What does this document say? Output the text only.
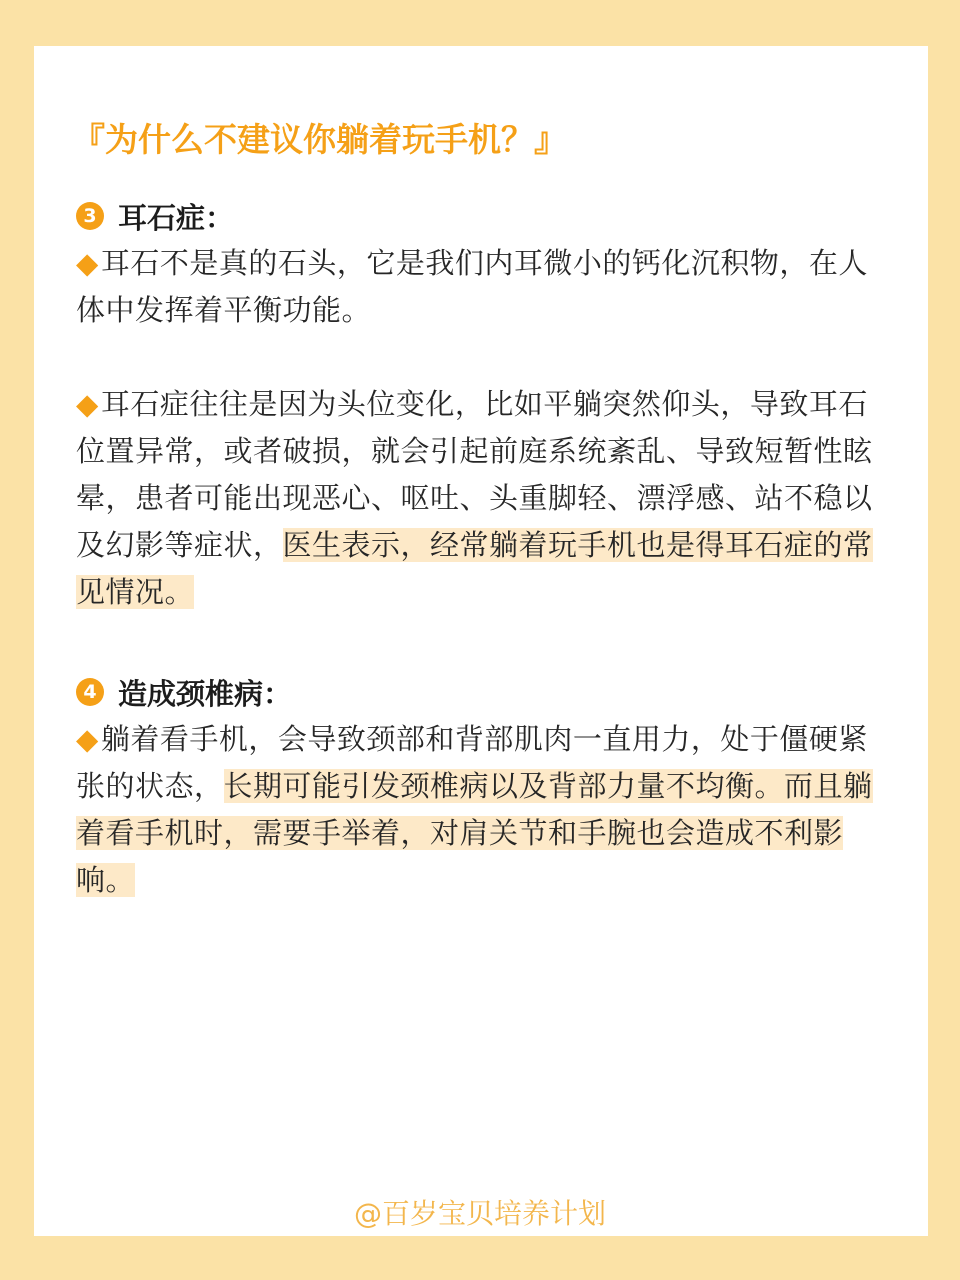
『为什么不建议你躺着玩手机？』
3 耳石症：

◆耳石不是真的石头，它是我们内耳微小的钙化沉积物，在人体中发挥着平衡功能。

◆耳石症往往是因为头位变化，比如平躺突然仰头，导致耳石位置异常，或者破损，就会引起前庭系统紊乱、导致短暂性眩晕，患者可能出现恶心、呕吐、头重脚轻、漂浮感、站不稳以及幻影等症状，医生表示，经常躺着玩手机也是得耳石症的常见情况。

4 造成颈椎病：

◆躺着看手机，会导致颈部和背部肌肉一直用力，处于僵硬紧张的状态，长期可能引发颈椎病以及背部力量不均衡。而且躺着看手机时，需要手举着，对肩关节和手腕也会造成不利影响。

@百岁宝贝培养计划
